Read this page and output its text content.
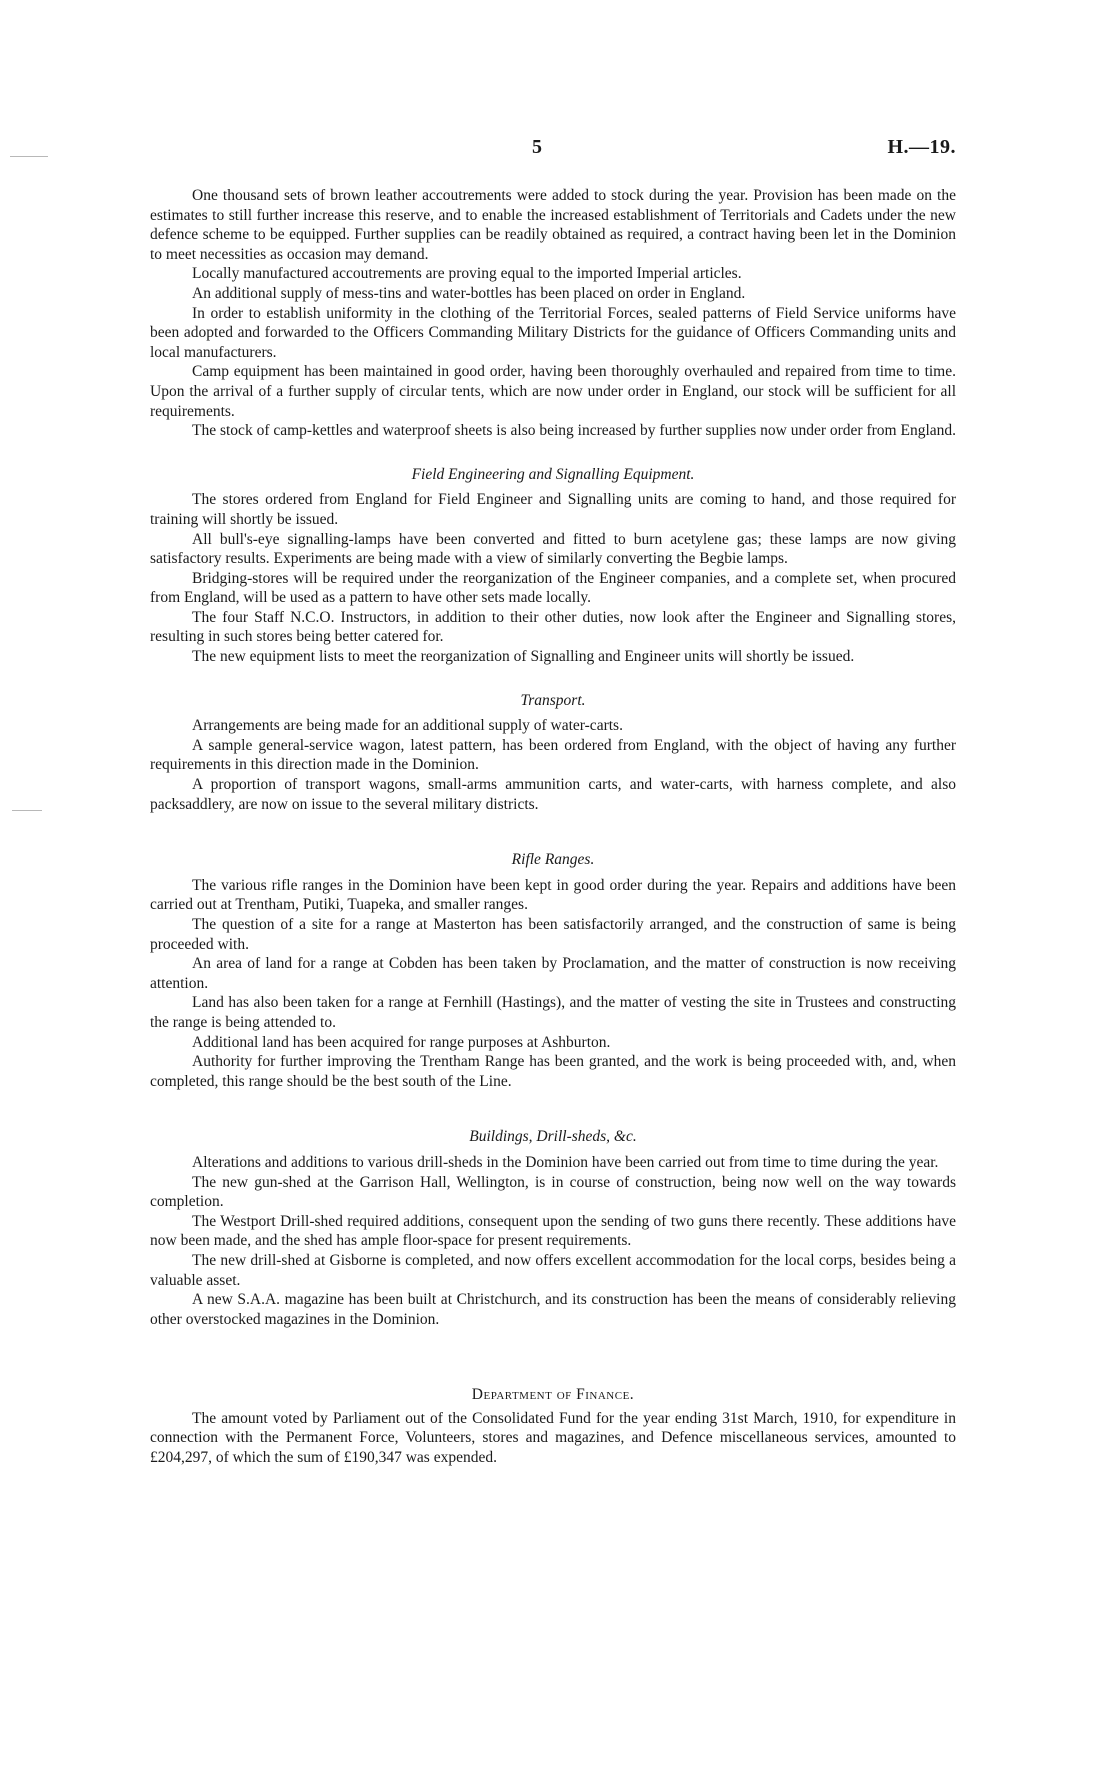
5	H.—19.

One thousand sets of brown leather accoutrements were added to stock during the year. Provision has been made on the estimates to still further increase this reserve, and to enable the increased establishment of Territorials and Cadets under the new defence scheme to be equipped. Further supplies can be readily obtained as required, a contract having been let in the Dominion to meet necessities as occasion may demand.

Locally manufactured accoutrements are proving equal to the imported Imperial articles.

An additional supply of mess-tins and water-bottles has been placed on order in England.

In order to establish uniformity in the clothing of the Territorial Forces, sealed patterns of Field Service uniforms have been adopted and forwarded to the Officers Commanding Military Districts for the guidance of Officers Commanding units and local manufacturers.

Camp equipment has been maintained in good order, having been thoroughly overhauled and repaired from time to time. Upon the arrival of a further supply of circular tents, which are now under order in England, our stock will be sufficient for all requirements.

The stock of camp-kettles and waterproof sheets is also being increased by further supplies now under order from England.

Field Engineering and Signalling Equipment.

The stores ordered from England for Field Engineer and Signalling units are coming to hand, and those required for training will shortly be issued.

All bull's-eye signalling-lamps have been converted and fitted to burn acetylene gas; these lamps are now giving satisfactory results. Experiments are being made with a view of similarly converting the Begbie lamps.

Bridging-stores will be required under the reorganization of the Engineer companies, and a complete set, when procured from England, will be used as a pattern to have other sets made locally.

The four Staff N.C.O. Instructors, in addition to their other duties, now look after the Engineer and Signalling stores, resulting in such stores being better catered for.

The new equipment lists to meet the reorganization of Signalling and Engineer units will shortly be issued.

Transport.

Arrangements are being made for an additional supply of water-carts.

A sample general-service wagon, latest pattern, has been ordered from England, with the object of having any further requirements in this direction made in the Dominion.

A proportion of transport wagons, small-arms ammunition carts, and water-carts, with harness complete, and also packsaddlery, are now on issue to the several military districts.

Rifle Ranges.

The various rifle ranges in the Dominion have been kept in good order during the year. Repairs and additions have been carried out at Trentham, Putiki, Tuapeka, and smaller ranges.

The question of a site for a range at Masterton has been satisfactorily arranged, and the construction of same is being proceeded with.

An area of land for a range at Cobden has been taken by Proclamation, and the matter of construction is now receiving attention.

Land has also been taken for a range at Fernhill (Hastings), and the matter of vesting the site in Trustees and constructing the range is being attended to.

Additional land has been acquired for range purposes at Ashburton.

Authority for further improving the Trentham Range has been granted, and the work is being proceeded with, and, when completed, this range should be the best south of the Line.

Buildings, Drill-sheds, &c.

Alterations and additions to various drill-sheds in the Dominion have been carried out from time to time during the year.

The new gun-shed at the Garrison Hall, Wellington, is in course of construction, being now well on the way towards completion.

The Westport Drill-shed required additions, consequent upon the sending of two guns there recently. These additions have now been made, and the shed has ample floor-space for present requirements.

The new drill-shed at Gisborne is completed, and now offers excellent accommodation for the local corps, besides being a valuable asset.

A new S.A.A. magazine has been built at Christchurch, and its construction has been the means of considerably relieving other overstocked magazines in the Dominion.

Department of Finance.

The amount voted by Parliament out of the Consolidated Fund for the year ending 31st March, 1910, for expenditure in connection with the Permanent Force, Volunteers, stores and magazines, and Defence miscellaneous services, amounted to £204,297, of which the sum of £190,347 was expended.
